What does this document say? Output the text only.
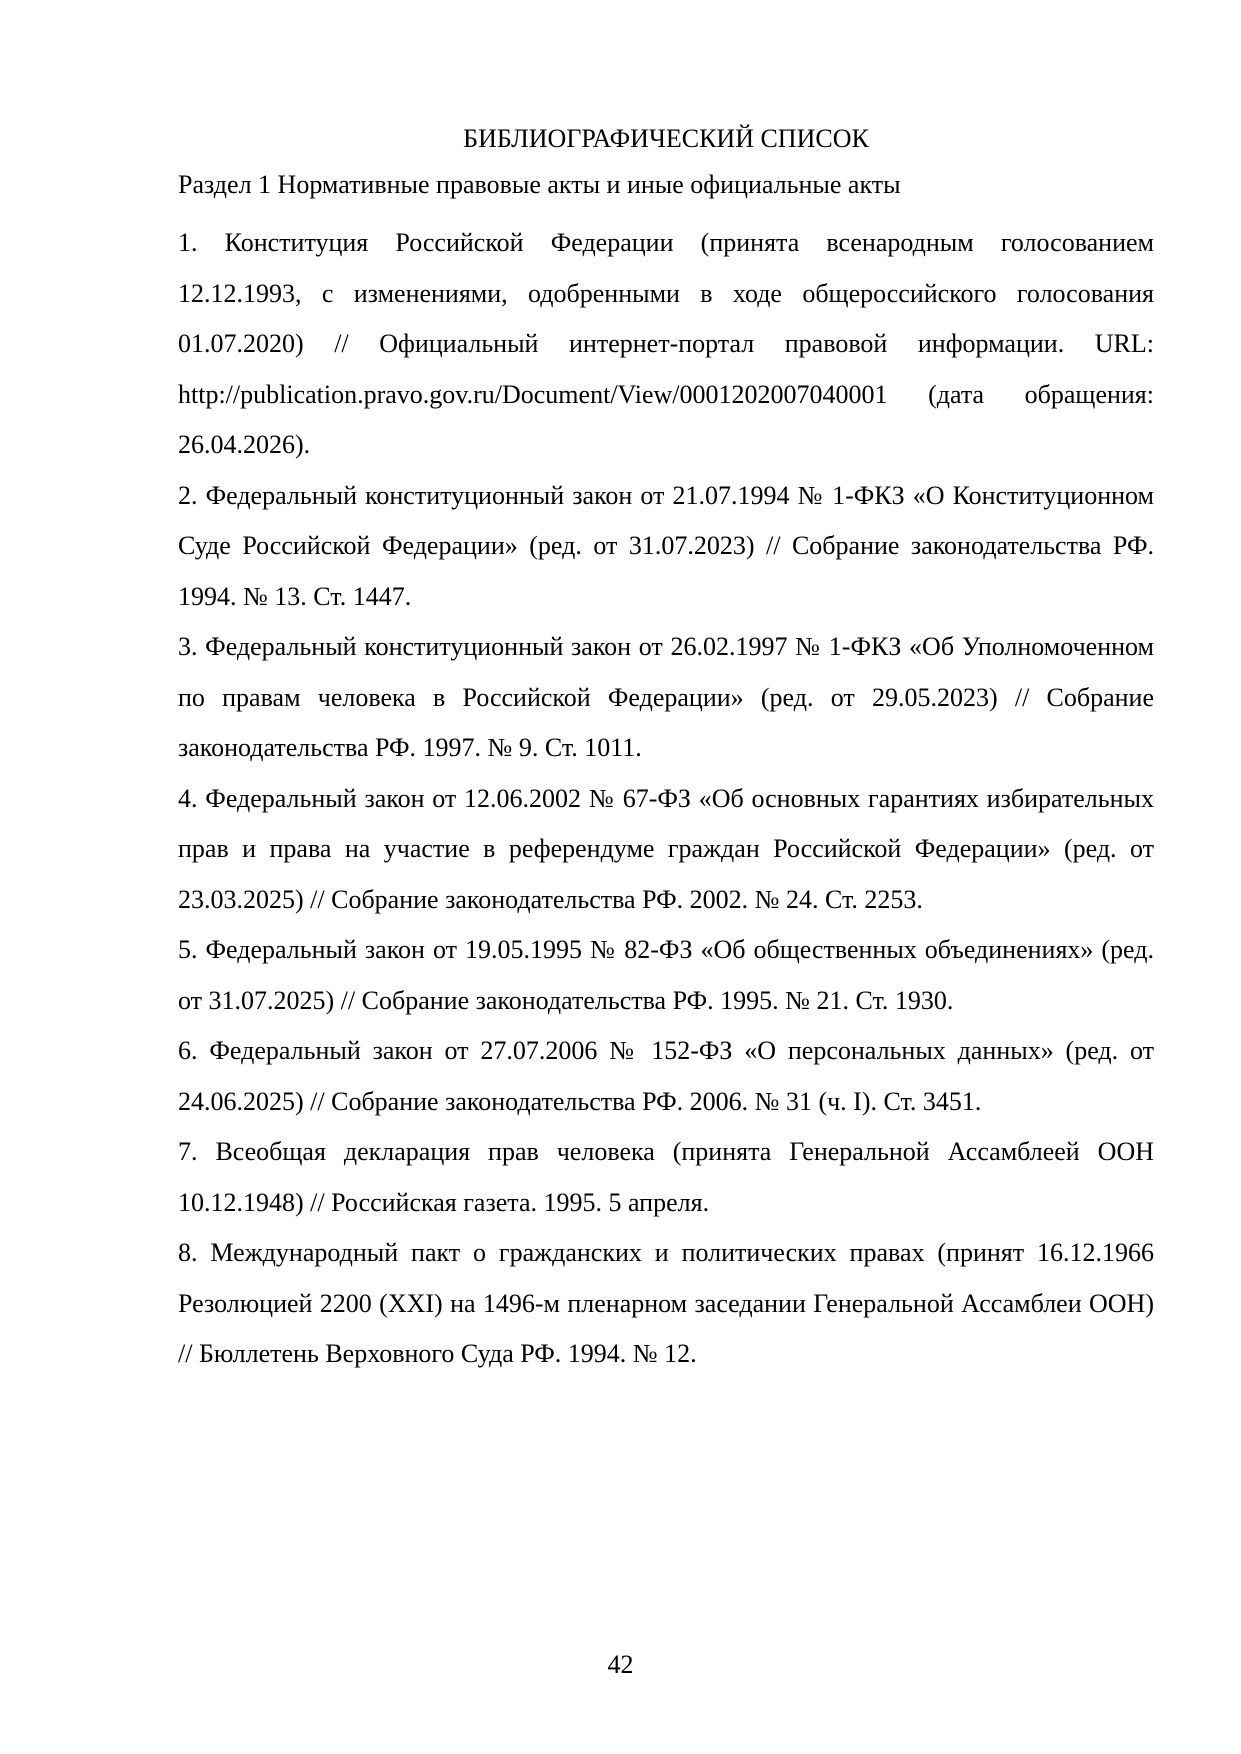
БИБЛИОГРАФИЧЕСКИЙ СПИСОК
Раздел 1 Нормативные правовые акты и иные официальные акты
1. Конституция Российской Федерации (принята всенародным голосованием 12.12.1993, с изменениями, одобренными в ходе общероссийского голосования 01.07.2020) // Официальный интернет-портал правовой информации. URL: http://publication.pravo.gov.ru/Document/View/0001202007040001 (дата обращения: 26.04.2026).
2. Федеральный конституционный закон от 21.07.1994 № 1-ФКЗ «О Конституционном Суде Российской Федерации» (ред. от 31.07.2023) // Собрание законодательства РФ. 1994. № 13. Ст. 1447.
3. Федеральный конституционный закон от 26.02.1997 № 1-ФКЗ «Об Уполномоченном по правам человека в Российской Федерации» (ред. от 29.05.2023) // Собрание законодательства РФ. 1997. № 9. Ст. 1011.
4. Федеральный закон от 12.06.2002 № 67-ФЗ «Об основных гарантиях избирательных прав и права на участие в референдуме граждан Российской Федерации» (ред. от 23.03.2025) // Собрание законодательства РФ. 2002. № 24. Ст. 2253.
5. Федеральный закон от 19.05.1995 № 82-ФЗ «Об общественных объединениях» (ред. от 31.07.2025) // Собрание законодательства РФ. 1995. № 21. Ст. 1930.
6. Федеральный закон от 27.07.2006 № 152-ФЗ «О персональных данных» (ред. от 24.06.2025) // Собрание законодательства РФ. 2006. № 31 (ч. I). Ст. 3451.
7. Всеобщая декларация прав человека (принята Генеральной Ассамблеей ООН 10.12.1948) // Российская газета. 1995. 5 апреля.
8. Международный пакт о гражданских и политических правах (принят 16.12.1966 Резолюцией 2200 (XXI) на 1496-м пленарном заседании Генеральной Ассамблеи ООН) // Бюллетень Верховного Суда РФ. 1994. № 12.
42
